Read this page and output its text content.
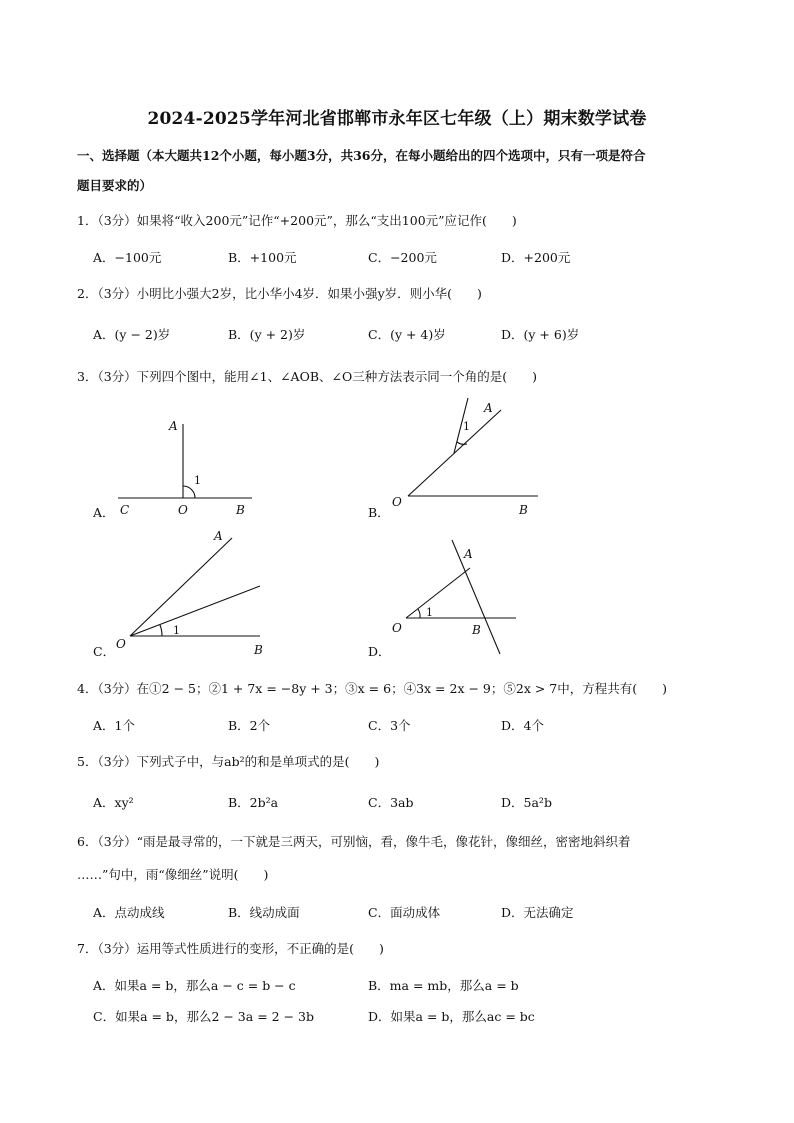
2024-2025学年河北省邯郸市永年区七年级（上）期末数学试卷
一、选择题（本大题共12个小题，每小题3分，共36分，在每小题给出的四个选项中，只有一项是符合
题目要求的）
1．（3分）如果将“收入200元”记作“+200元”，那么“支出100元”应记作(　　)
A．−100元	B．+100元	C．−200元	D．+200元
2．（3分）小明比小强大2岁，比小华小4岁．如果小强y岁．则小华(　　)
A．(y − 2)岁	B．(y + 2)岁	C．(y + 4)岁	D．(y + 6)岁
3．（3分）下列四个图中，能用∠1、∠AOB、∠O三种方法表示同一个角的是(　　)
A．
A
1
C	O	B	B．
A
1
O
B
C．
A
1
O	B	D．
A
1
O	B
4．（3分）在①2 − 5；②1 + 7x = −8y + 3；③x = 6；④3x = 2x − 9；⑤2x > 7中，方程共有(　　)
A．1个	B．2个	C．3个	D．4个
5．（3分）下列式子中，与ab²的和是单项式的是(　　)
A．xy²	B．2b²a	C．3ab	D．5a²b
6．（3分）“雨是最寻常的，一下就是三两天，可别恼，看，像牛毛，像花针，像细丝，密密地斜织着
……”句中，雨“像细丝”说明(　　)
A．点动成线	B．线动成面	C．面动成体	D．无法确定
7．（3分）运用等式性质进行的变形，不正确的是(　　)
A．如果a = b，那么a − c = b − c	B．ma = mb，那么a = b
C．如果a = b，那么2 − 3a = 2 − 3b	D．如果a = b，那么ac = bc
